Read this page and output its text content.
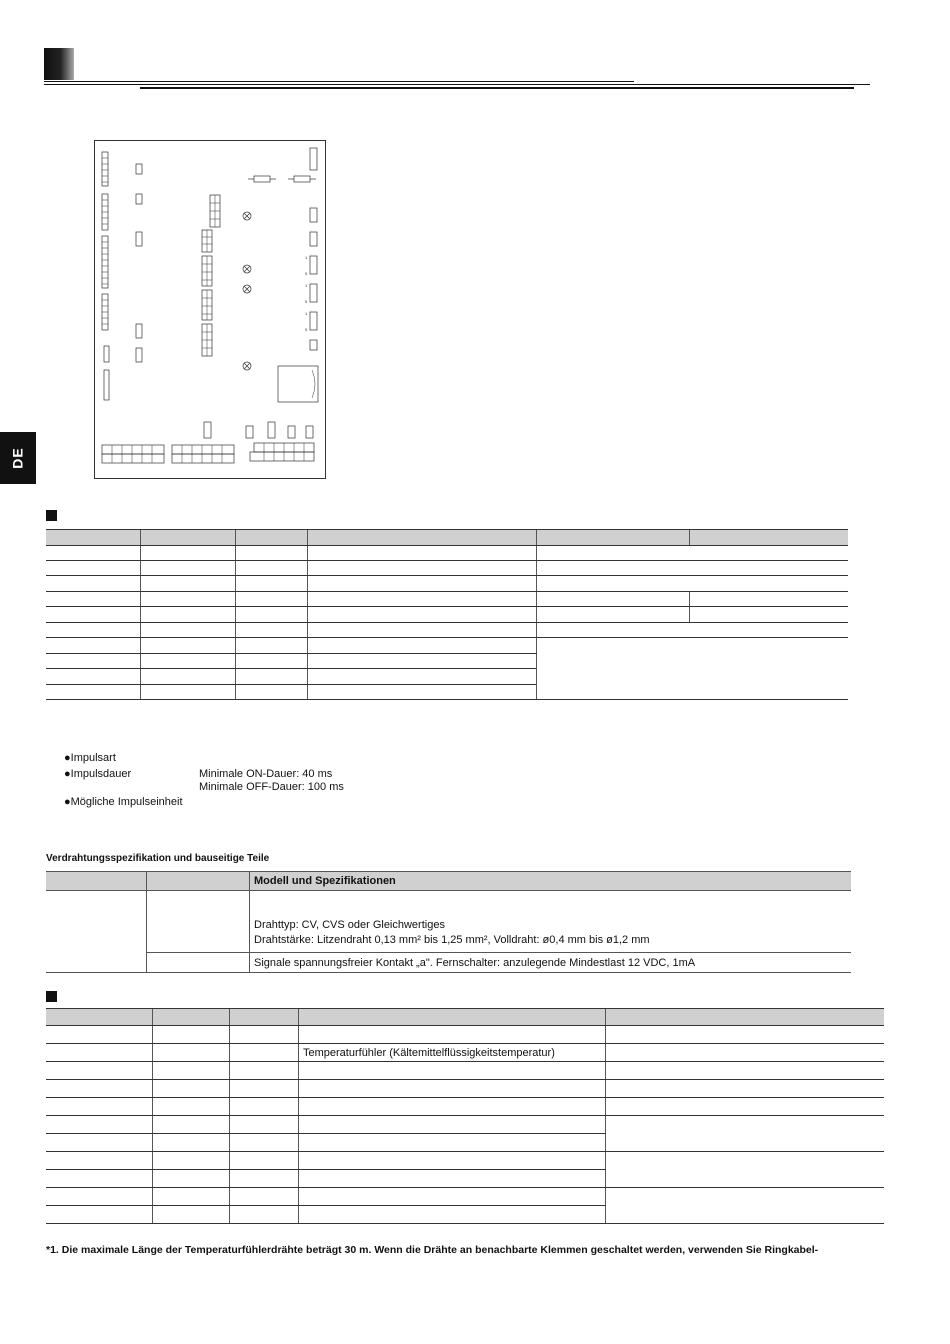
DE
1
5
1
5
1
5

●Impulsart
●Impulsdauer	Minimale ON-Dauer: 40 ms
Minimale OFF-Dauer: 100 ms
●Mögliche Impulseinheit
Verdrahtungsspezifikation und bauseitige Teile
		Modell und Spezifikationen

		Drahttyp: CV, CVS oder Gleichwertiges
Drahtstärke: Litzendraht 0,13 mm² bis 1,25 mm², Volldraht: ø0,4 mm bis ø1,2 mm

		Signale spannungsfreier Kontakt „a". Fernschalter: anzulegende Mindestlast 12 VDC, 1mA

			Temperaturfühler (Kältemittelflüssigkeitstemperatur)	

*1. Die maximale Länge der Temperaturfühlerdrähte beträgt 30 m. Wenn die Drähte an benachbarte Klemmen geschaltet werden, verwenden Sie Ringkabel-
